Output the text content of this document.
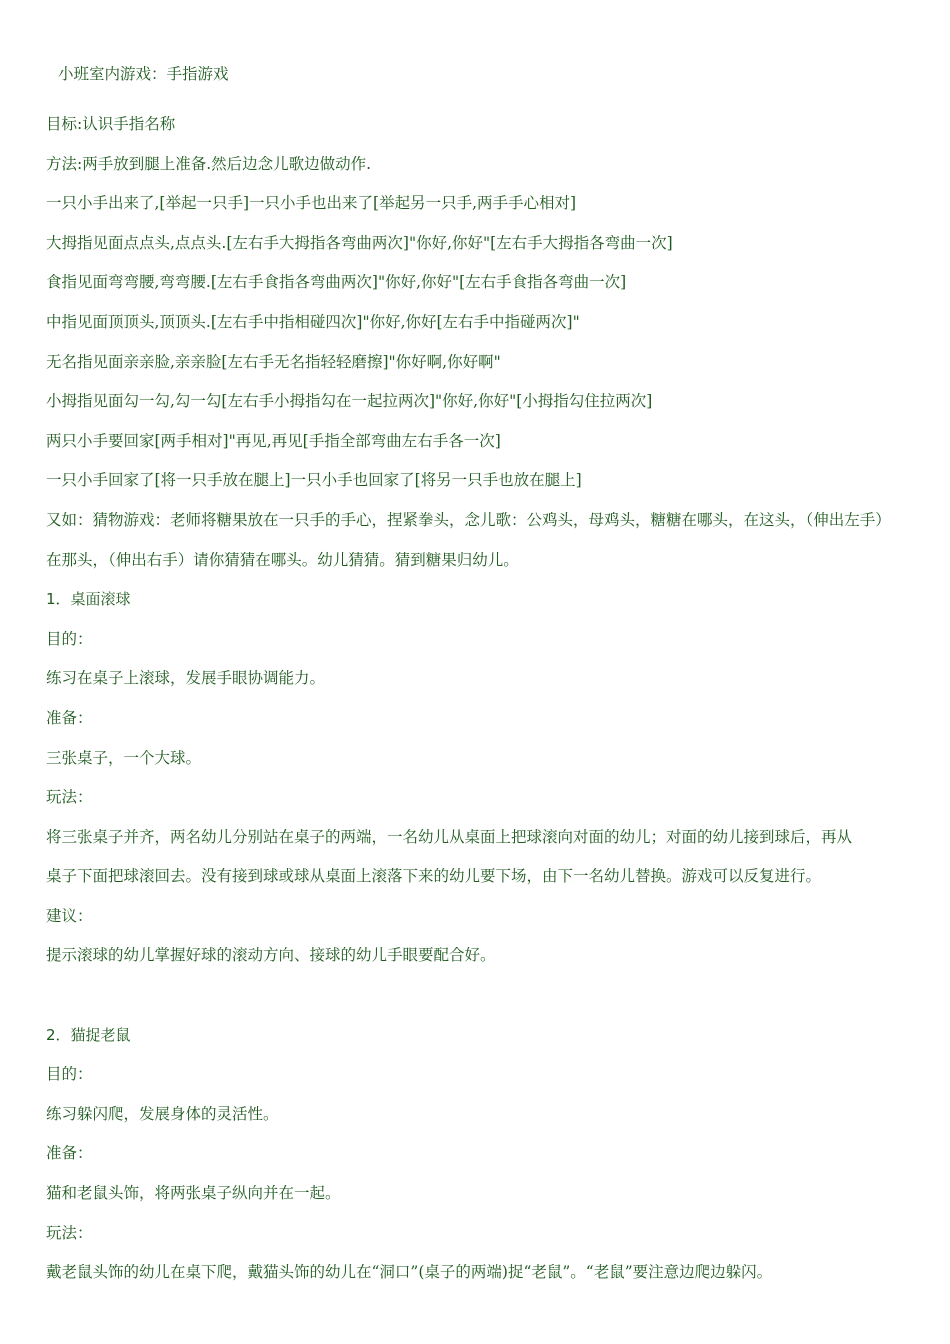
小班室内游戏：手指游戏
目标:认识手指名称
方法:两手放到腿上准备.然后边念儿歌边做动作.
一只小手出来了,[举起一只手]一只小手也出来了[举起另一只手,两手手心相对]
大拇指见面点点头,点点头.[左右手大拇指各弯曲两次]"你好,你好"[左右手大拇指各弯曲一次]
食指见面弯弯腰,弯弯腰.[左右手食指各弯曲两次]"你好,你好"[左右手食指各弯曲一次]
中指见面顶顶头,顶顶头.[左右手中指相碰四次]"你好,你好[左右手中指碰两次]"
无名指见面亲亲脸,亲亲脸[左右手无名指轻轻磨擦]"你好啊,你好啊"
小拇指见面勾一勾,勾一勾[左右手小拇指勾在一起拉两次]"你好,你好"[小拇指勾住拉两次]
两只小手要回家[两手相对]"再见,再见[手指全部弯曲左右手各一次]
一只小手回家了[将一只手放在腿上]一只小手也回家了[将另一只手也放在腿上]
又如：猜物游戏：老师将糖果放在一只手的手心，捏紧拳头，念儿歌：公鸡头，母鸡头，糖糖在哪头，在这头，（伸出左手）
在那头，（伸出右手）请你猜猜在哪头。幼儿猜猜。猜到糖果归幼儿。
1．桌面滚球
目的：
练习在桌子上滚球，发展手眼协调能力。
准备：
三张桌子，一个大球。
玩法：
将三张桌子并齐，两名幼儿分别站在桌子的两端，一名幼儿从桌面上把球滚向对面的幼儿；对面的幼儿接到球后，再从
桌子下面把球滚回去。没有接到球或球从桌面上滚落下来的幼儿要下场，由下一名幼儿替换。游戏可以反复进行。
建议：
提示滚球的幼儿掌握好球的滚动方向、接球的幼儿手眼要配合好。
2．猫捉老鼠
目的：
练习躲闪爬，发展身体的灵活性。
准备：
猫和老鼠头饰，将两张桌子纵向并在一起。
玩法：
戴老鼠头饰的幼儿在桌下爬，戴猫头饰的幼儿在“洞口”(桌子的两端)捉“老鼠”。“老鼠”要注意边爬边躲闪。
